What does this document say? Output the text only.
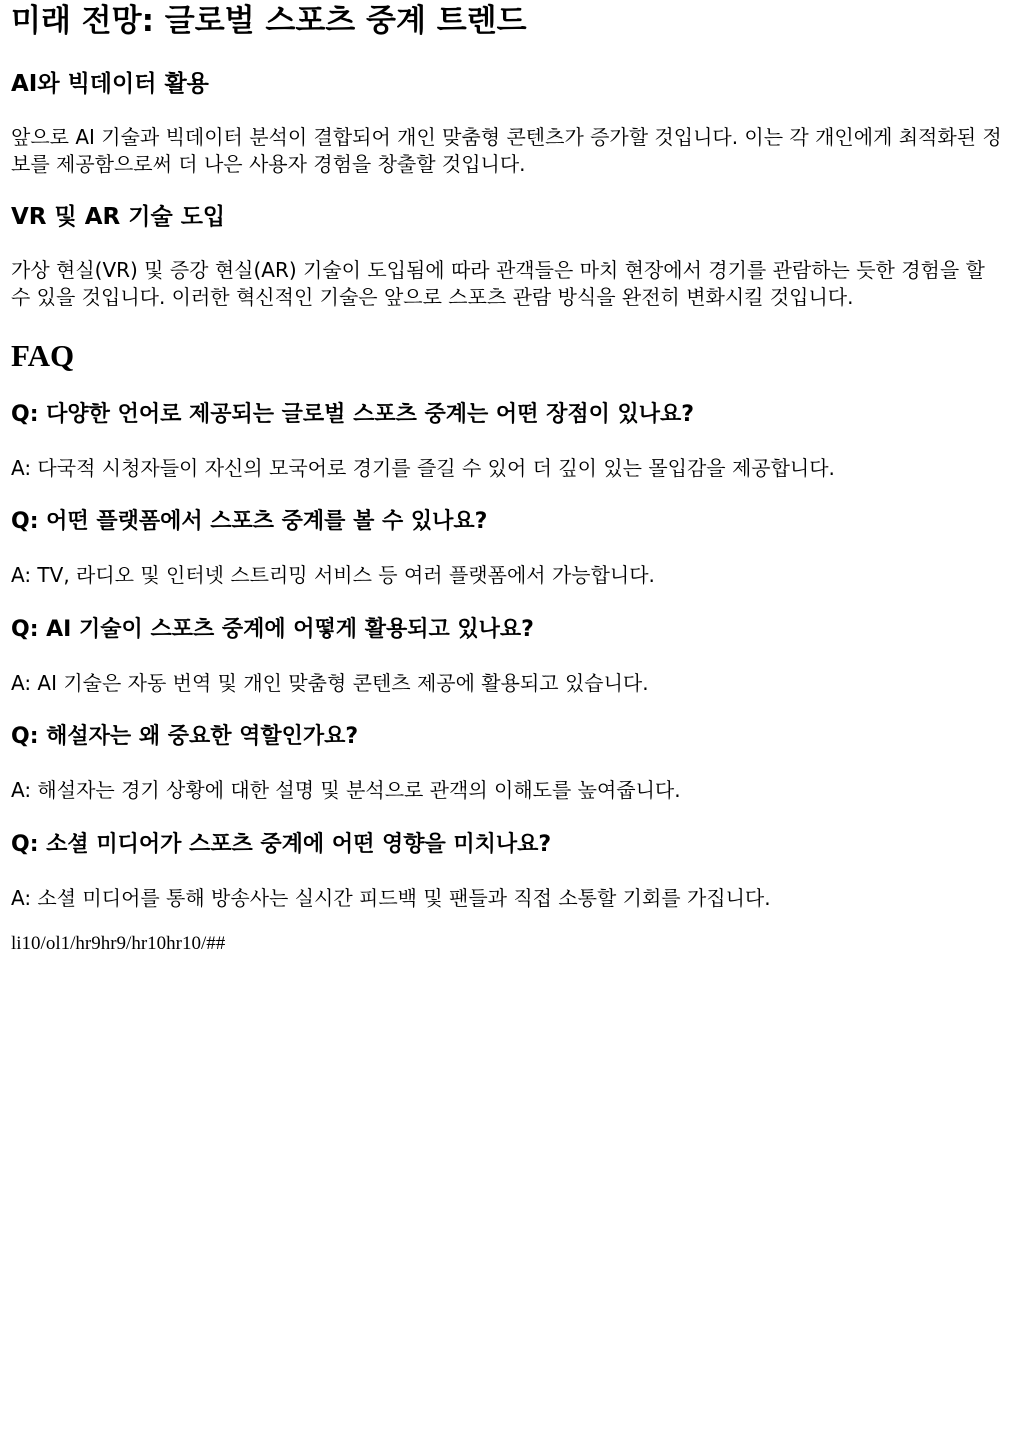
미래 전망: 글로벌 스포츠 중계 트렌드
AI와 빅데이터 활용

앞으로 AI 기술과 빅데이터 분석이 결합되어 개인 맞춤형 콘텐츠가 증가할 것입니다. 이는 각 개인에게 최적화된 정보를 제공함으로써 더 나은 사용자 경험을 창출할 것입니다.

VR 및 AR 기술 도입

가상 현실(VR) 및 증강 현실(AR) 기술이 도입됨에 따라 관객들은 마치 현장에서 경기를 관람하는 듯한 경험을 할 수 있을 것입니다. 이러한 혁신적인 기술은 앞으로 스포츠 관람 방식을 완전히 변화시킬 것입니다.

FAQ
Q: 다양한 언어로 제공되는 글로벌 스포츠 중계는 어떤 장점이 있나요?

A: 다국적 시청자들이 자신의 모국어로 경기를 즐길 수 있어 더 깊이 있는 몰입감을 제공합니다.

Q: 어떤 플랫폼에서 스포츠 중계를 볼 수 있나요?

A: TV, 라디오 및 인터넷 스트리밍 서비스 등 여러 플랫폼에서 가능합니다.

Q: AI 기술이 스포츠 중계에 어떻게 활용되고 있나요?

A: AI 기술은 자동 번역 및 개인 맞춤형 콘텐츠 제공에 활용되고 있습니다.

Q: 해설자는 왜 중요한 역할인가요?

A: 해설자는 경기 상황에 대한 설명 및 분석으로 관객의 이해도를 높여줍니다.

Q: 소셜 미디어가 스포츠 중계에 어떤 영향을 미치나요?

A: 소셜 미디어를 통해 방송사는 실시간 피드백 및 팬들과 직접 소통할 기회를 가집니다.

li10/ol1/hr9hr9/hr10hr10/##
